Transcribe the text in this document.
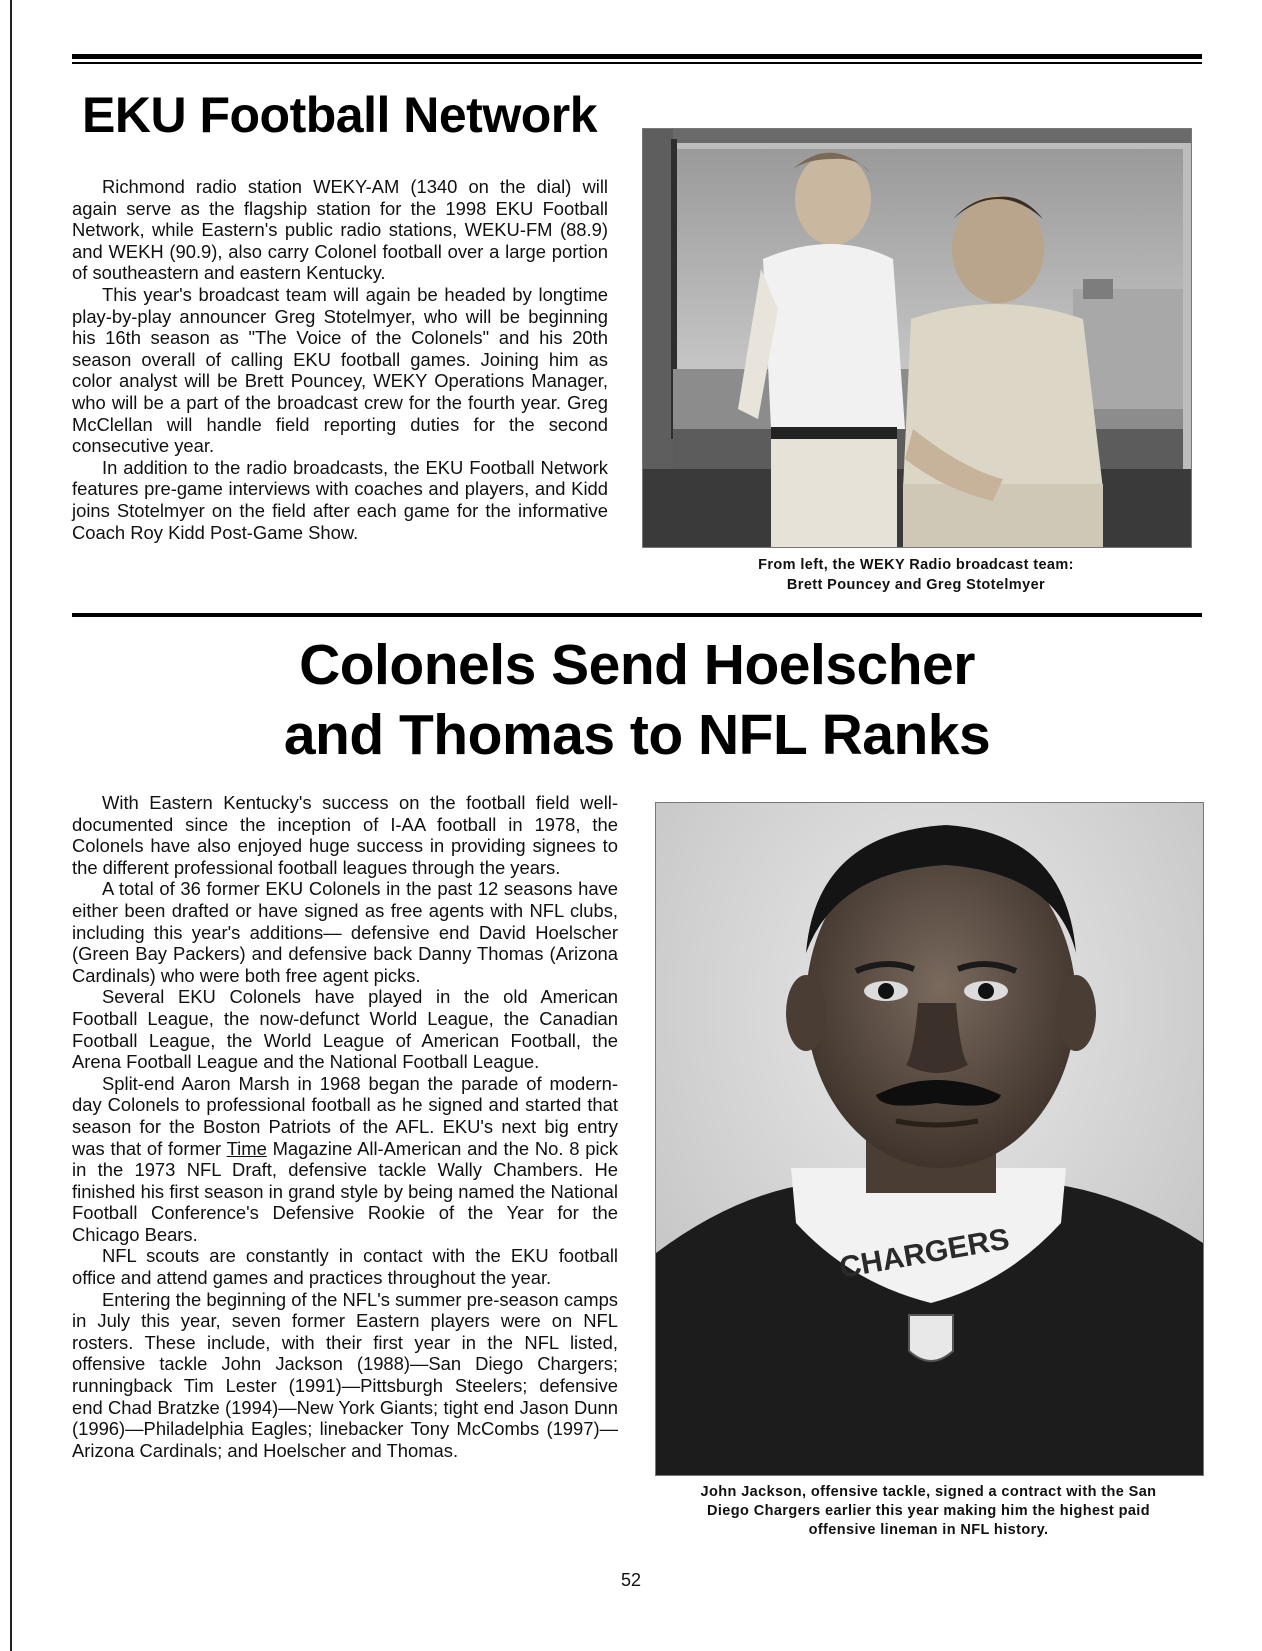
EKU Football Network

Richmond radio station WEKY-AM (1340 on the dial) will again serve as the flagship station for the 1998 EKU Football Network, while Eastern's public radio stations, WEKU-FM (88.9) and WEKH (90.9), also carry Colonel football over a large portion of southeastern and eastern Kentucky.

This year's broadcast team will again be headed by longtime play-by-play announcer Greg Stotelmyer, who will be beginning his 16th season as "The Voice of the Colonels" and his 20th season overall of calling EKU football games. Joining him as color analyst will be Brett Pouncey, WEKY Operations Manager, who will be a part of the broadcast crew for the fourth year. Greg McClellan will handle field reporting duties for the second consecutive year.

In addition to the radio broadcasts, the EKU Football Network features pre-game interviews with coaches and players, and Kidd joins Stotelmyer on the field after each game for the informative Coach Roy Kidd Post-Game Show.

From left, the WEKY Radio broadcast team:
Brett Pouncey and Greg Stotelmyer
Colonels Send Hoelscher
and Thomas to NFL Ranks

With Eastern Kentucky's success on the football field well-documented since the inception of I-AA football in 1978, the Colonels have also enjoyed huge success in providing signees to the different professional football leagues through the years.

A total of 36 former EKU Colonels in the past 12 seasons have either been drafted or have signed as free agents with NFL clubs, including this year's additions— defensive end David Hoelscher (Green Bay Packers) and defensive back Danny Thomas (Arizona Cardinals) who were both free agent picks.

Several EKU Colonels have played in the old American Football League, the now-defunct World League, the Canadian Football League, the World League of American Football, the Arena Football League and the National Football League.

Split-end Aaron Marsh in 1968 began the parade of modern-day Colonels to professional football as he signed and started that season for the Boston Patriots of the AFL. EKU's next big entry was that of former Time Magazine All-American and the No. 8 pick in the 1973 NFL Draft, defensive tackle Wally Chambers. He finished his first season in grand style by being named the National Football Conference's Defensive Rookie of the Year for the Chicago Bears.

NFL scouts are constantly in contact with the EKU football office and attend games and practices throughout the year.

Entering the beginning of the NFL's summer pre-season camps in July this year, seven former Eastern players were on NFL rosters. These include, with their first year in the NFL listed, offensive tackle John Jackson (1988)—San Diego Chargers; runningback Tim Lester (1991)—Pittsburgh Steelers; defensive end Chad Bratzke (1994)—New York Giants; tight end Jason Dunn (1996)—Philadelphia Eagles; linebacker Tony McCombs (1997)—Arizona Cardinals; and Hoelscher and Thomas.

CHARGERS
John Jackson, offensive tackle, signed a contract with the San
Diego Chargers earlier this year making him the highest paid
offensive lineman in NFL history.
52
